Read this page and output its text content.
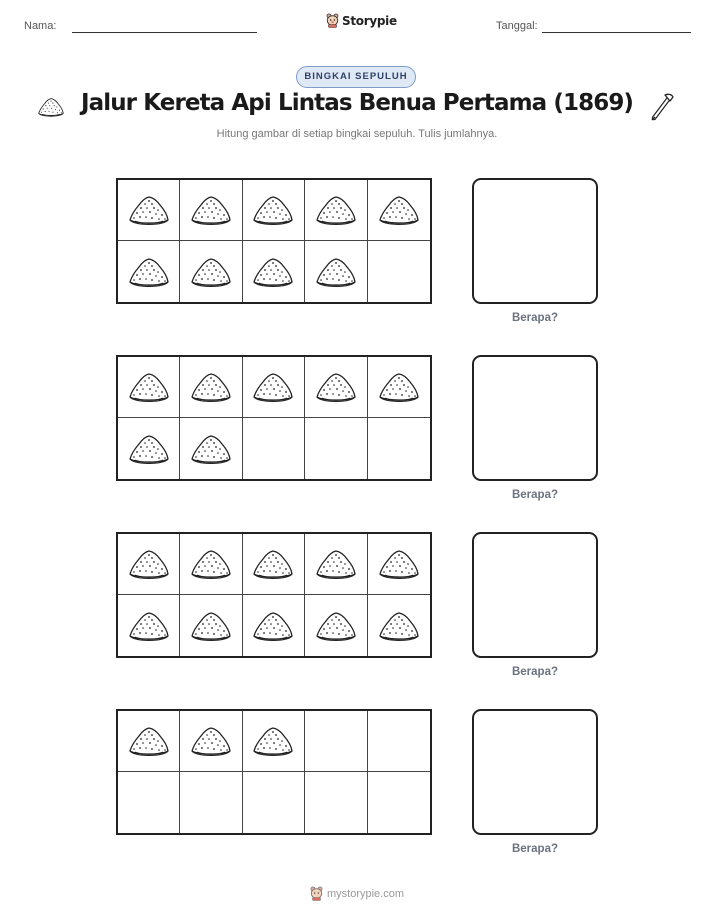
Nama:	Storypie	Tanggal:
BINGKAI SEPULUH
Jalur Kereta Api Lintas Benua Pertama (1869)
Hitung gambar di setiap bingkai sepuluh. Tulis jumlahnya.
Berapa?
Berapa?
Berapa?
Berapa?
mystorypie.com
